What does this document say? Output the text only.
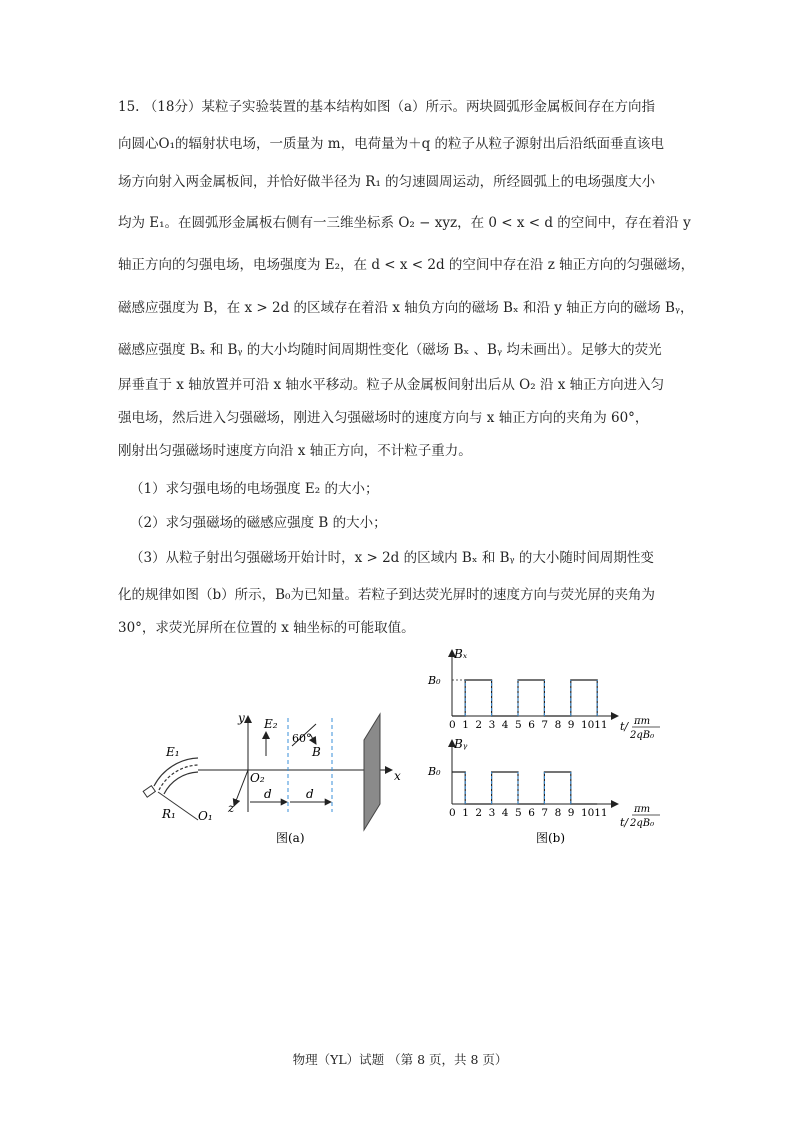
15. （18分）某粒子实验装置的基本结构如图（a）所示。两块圆弧形金属板间存在方向指
向圆心O₁的辐射状电场，一质量为 m，电荷量为＋q 的粒子从粒子源射出后沿纸面垂直该电
场方向射入两金属板间，并恰好做半径为 R₁ 的匀速圆周运动，所经圆弧上的电场强度大小
均为 E₁。在圆弧形金属板右侧有一三维坐标系 O₂ − xyz，在 0 < x < d 的空间中，存在着沿 y
轴正方向的匀强电场，电场强度为 E₂，在 d < x < 2d 的空间中存在沿 z 轴正方向的匀强磁场，
磁感应强度为 B，在 x > 2d 的区域存在着沿 x 轴负方向的磁场 Bₓ 和沿 y 轴正方向的磁场 Bᵧ，
磁感应强度 Bₓ 和 Bᵧ 的大小均随时间周期性变化（磁场 Bₓ 、Bᵧ 均未画出）。足够大的荧光
屏垂直于 x 轴放置并可沿 x 轴水平移动。粒子从金属板间射出后从 O₂ 沿 x 轴正方向进入匀
强电场，然后进入匀强磁场，刚进入匀强磁场时的速度方向与 x 轴正方向的夹角为 60°，
刚射出匀强磁场时速度方向沿 x 轴正方向，不计粒子重力。
（1）求匀强电场的电场强度 E₂ 的大小；
（2）求匀强磁场的磁感应强度 B 的大小；
（3）从粒子射出匀强磁场开始计时，x > 2d 的区域内 Bₓ 和 Bᵧ 的大小随时间周期性变
化的规律如图（b）所示，B₀为已知量。若粒子到达荧光屏时的速度方向与荧光屏的夹角为
30°，求荧光屏所在位置的 x 轴坐标的可能取值。
y
x
z
E₁
E₂
R₁ O₁
O₂
60°
B
d	d
图(a)
Bₓ
B₀
0 1 2 3 4 5 6 7 8 9 10 11 t/ πm
2qB₀
Bᵧ
B₀
0 1 2 3 4 5 6 7 8 9 10 11
t/
πm
2qB₀
图(b)
物理（YL）试题 （第 8 页，共 8 页）
